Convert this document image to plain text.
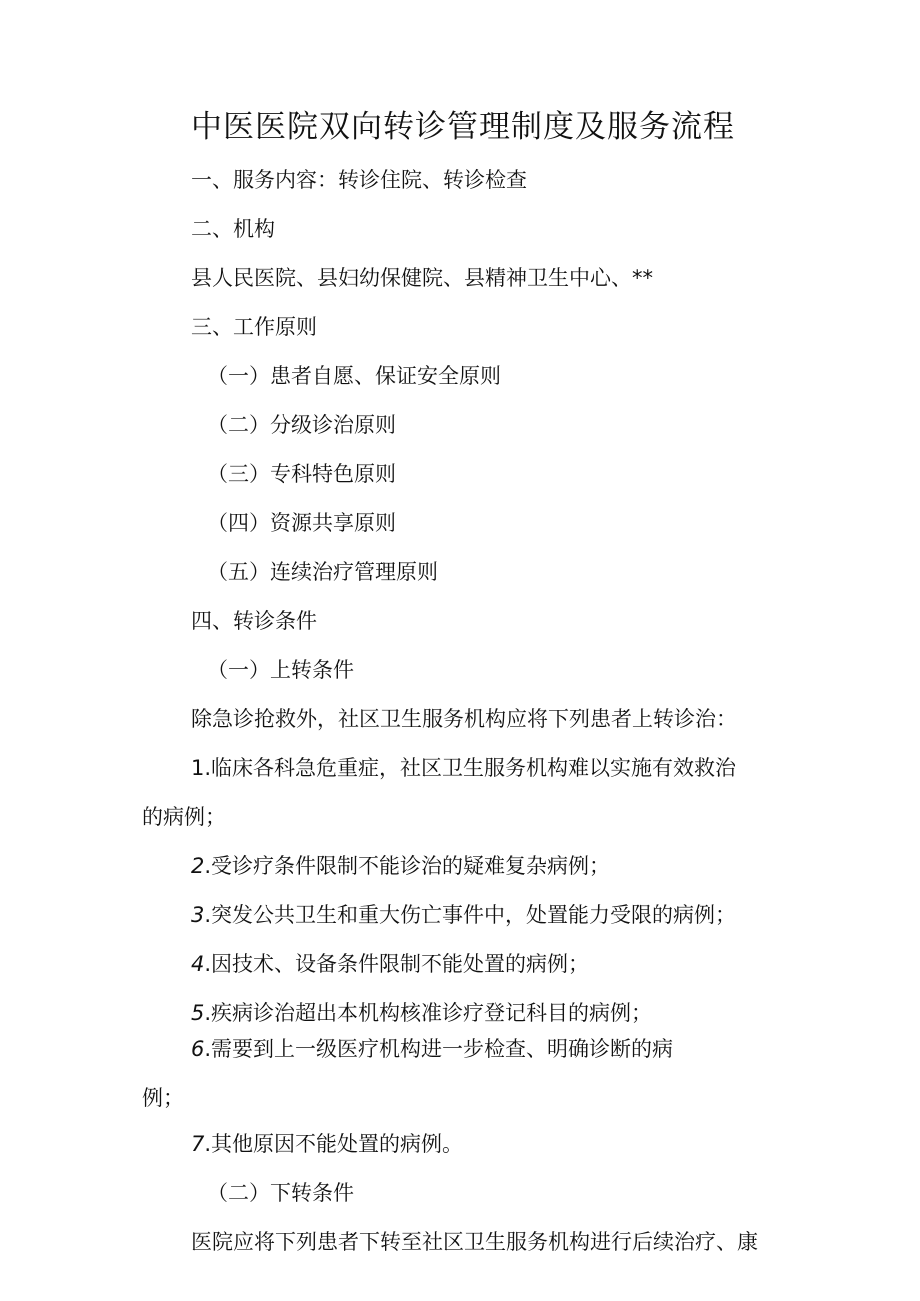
中医医院双向转诊管理制度及服务流程
一、服务内容：转诊住院、转诊检查
二、机构
县人民医院、县妇幼保健院、县精神卫生中心、**
三、工作原则
（一）患者自愿、保证安全原则
（二）分级诊治原则
（三）专科特色原则
（四）资源共享原则
（五）连续治疗管理原则
四、转诊条件
（一）上转条件
除急诊抢救外，社区卫生服务机构应将下列患者上转诊治：
1.临床各科急危重症，社区卫生服务机构难以实施有效救治
的病例；
2.受诊疗条件限制不能诊治的疑难复杂病例；
3.突发公共卫生和重大伤亡事件中，处置能力受限的病例；
4.因技术、设备条件限制不能处置的病例；
5.疾病诊治超出本机构核准诊疗登记科目的病例；
6.需要到上一级医疗机构进一步检查、明确诊断的病
例；
7.其他原因不能处置的病例。
（二）下转条件
医院应将下列患者下转至社区卫生服务机构进行后续治疗、康
